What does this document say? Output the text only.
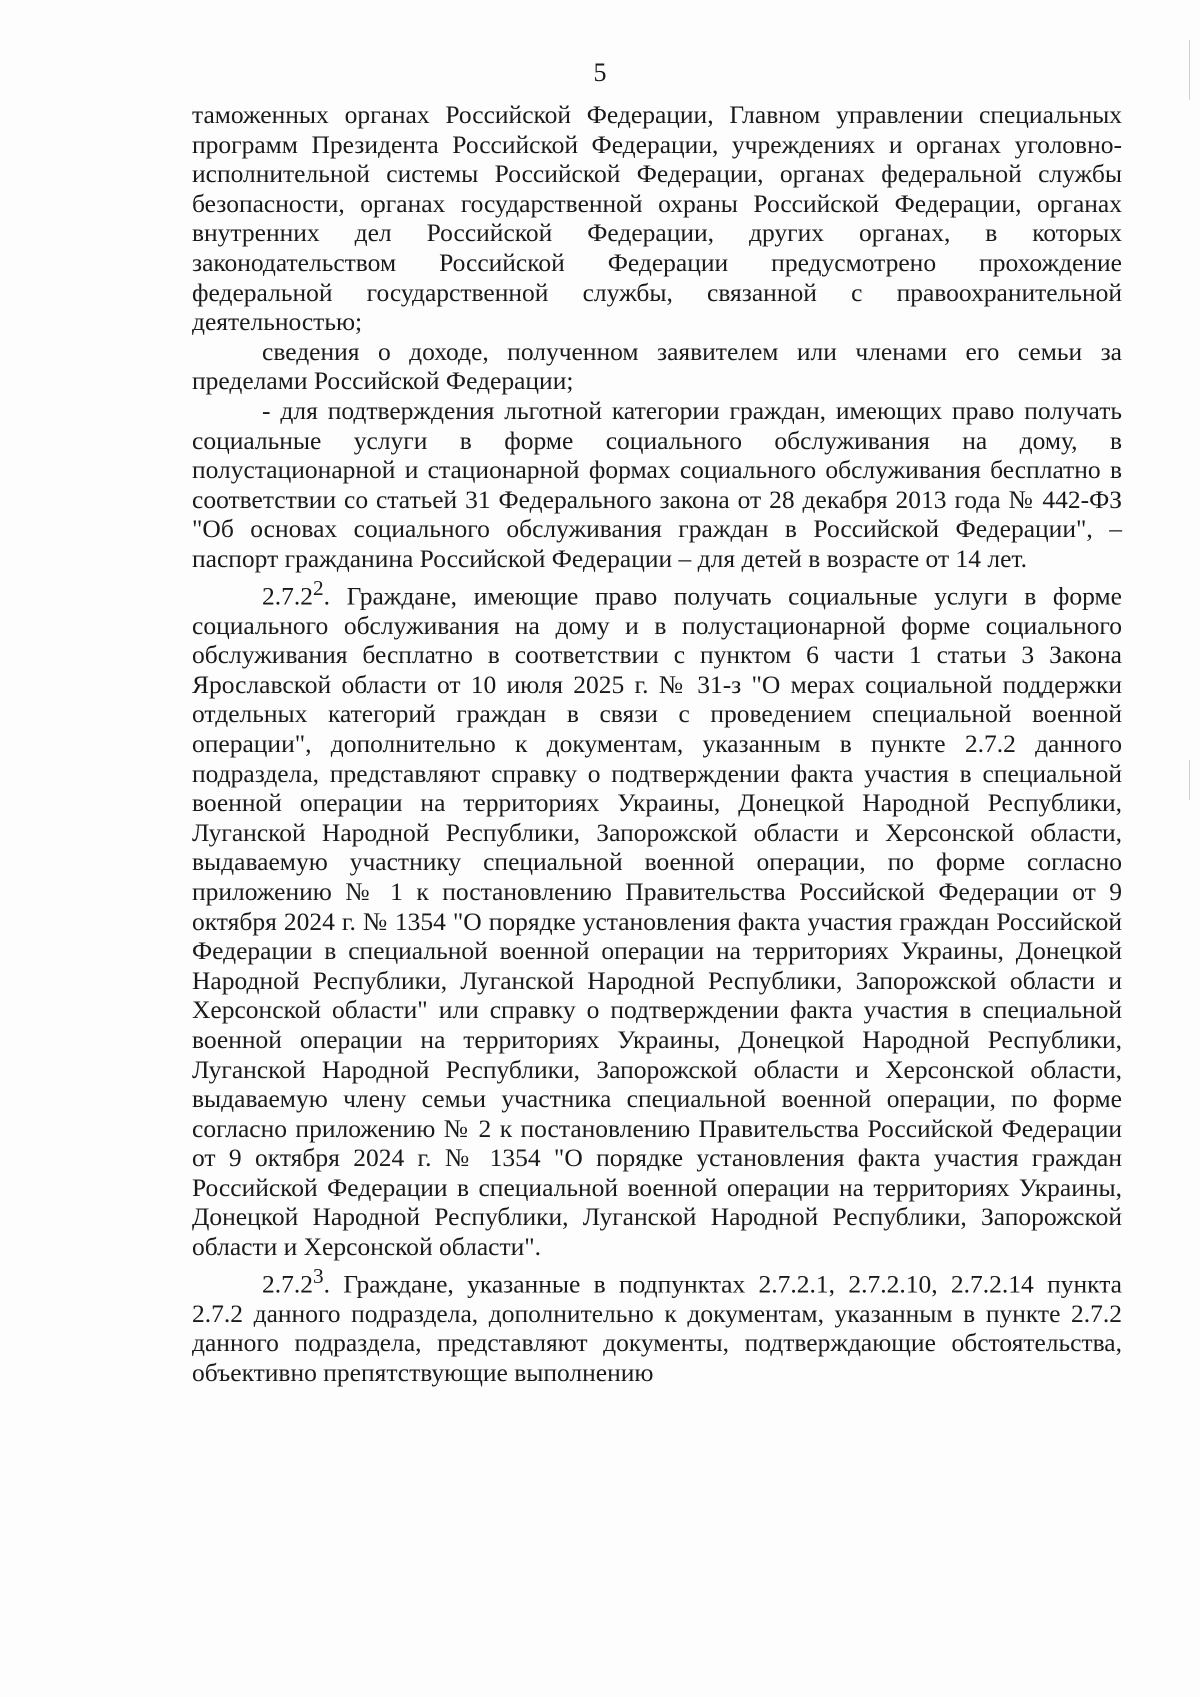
5

таможенных органах Российской Федерации, Главном управлении специальных программ Президента Российской Федерации, учреждениях и органах уголовно-исполнительной системы Российской Федерации, органах федеральной службы безопасности, органах государственной охраны Российской Федерации, органах внутренних дел Российской Федерации, других органах, в которых законодательством Российской Федерации предусмотрено прохождение федеральной государственной службы, связанной с правоохранительной деятельностью;

сведения о доходе, полученном заявителем или членами его семьи за пределами Российской Федерации;

- для подтверждения льготной категории граждан, имеющих право получать социальные услуги в форме социального обслуживания на дому, в полустационарной и стационарной формах социального обслуживания бесплатно в соответствии со статьей 31 Федерального закона от 28 декабря 2013 года № 442-ФЗ "Об основах социального обслуживания граждан в Российской Федерации", – паспорт гражданина Российской Федерации – для детей в возрасте от 14 лет.

2.7.2$^2$. Граждане, имеющие право получать социальные услуги в форме социального обслуживания на дому и в полустационарной форме социального обслуживания бесплатно в соответствии с пунктом 6 части 1 статьи 3 Закона Ярославской области от 10 июля 2025 г. № 31-з "О мерах социальной поддержки отдельных категорий граждан в связи с проведением специальной военной операции", дополнительно к документам, указанным в пункте 2.7.2 данного подраздела, представляют справку о подтверждении факта участия в специальной военной операции на территориях Украины, Донецкой Народной Республики, Луганской Народной Республики, Запорожской области и Херсонской области, выдаваемую участнику специальной военной операции, по форме согласно приложению № 1 к постановлению Правительства Российской Федерации от 9 октября 2024 г. № 1354 "О порядке установления факта участия граждан Российской Федерации в специальной военной операции на территориях Украины, Донецкой Народной Республики, Луганской Народной Республики, Запорожской области и Херсонской области" или справку о подтверждении факта участия в специальной военной операции на территориях Украины, Донецкой Народной Республики, Луганской Народной Республики, Запорожской области и Херсонской области, выдаваемую члену семьи участника специальной военной операции, по форме согласно приложению № 2 к постановлению Правительства Российской Федерации от 9 октября 2024 г. № 1354 "О порядке установления факта участия граждан Российской Федерации в специальной военной операции на территориях Украины, Донецкой Народной Республики, Луганской Народной Республики, Запорожской области и Херсонской области".

2.7.2$^3$. Граждане, указанные в подпунктах 2.7.2.1, 2.7.2.10, 2.7.2.14 пункта 2.7.2 данного подраздела, дополнительно к документам, указанным в пункте 2.7.2 данного подраздела, представляют документы, подтверждающие обстоятельства, объективно препятствующие выполнению
